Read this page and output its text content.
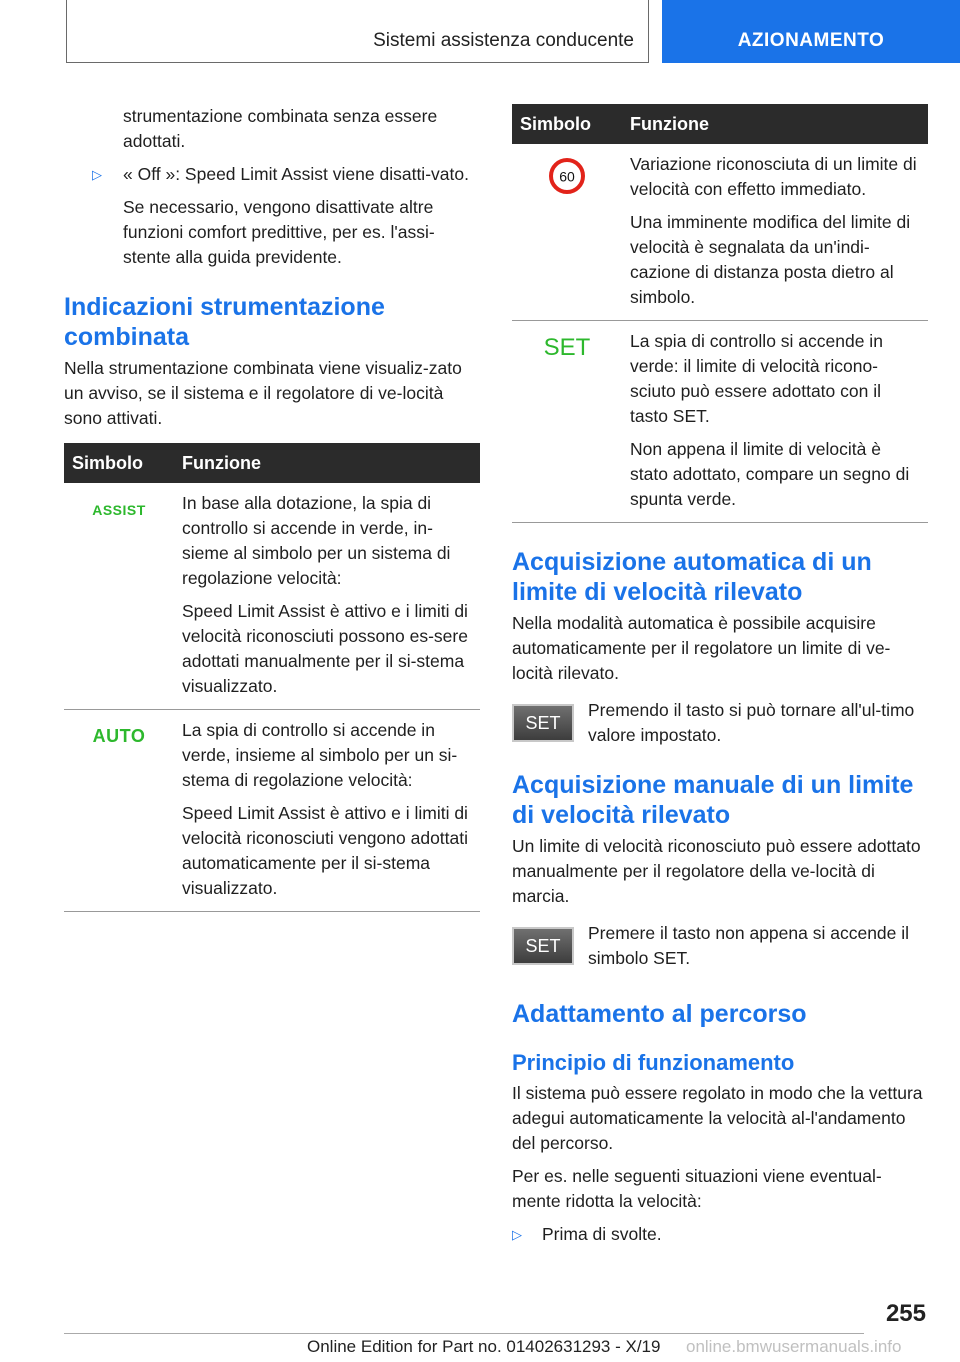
Sistemi assistenza conducente	AZIONAMENTO

strumentazione combinata senza essere adottati.

▷ « Off »: Speed Limit Assist viene disatti-vato.

Se necessario, vengono disattivate altre funzioni comfort predittive, per es. l'assi-stente alla guida previdente.

Indicazioni strumentazione combinata

Nella strumentazione combinata viene visualiz-zato un avviso, se il sistema e il regolatore di ve-locità sono attivati.

Simbolo	Funzione
ASSIST	In base alla dotazione, la spia di controllo si accende in verde, in-sieme al simbolo per un sistema di regolazione velocità:

Speed Limit Assist è attivo e i limiti di velocità riconosciuti possono es-sere adottati manualmente per il si-stema visualizzato.

AUTO	La spia di controllo si accende in verde, insieme al simbolo per un si-stema di regolazione velocità:

Speed Limit Assist è attivo e i limiti di velocità riconosciuti vengono adottati automaticamente per il si-stema visualizzato.

Simbolo	Funzione

60	Variazione riconosciuta di un limite di velocità con effetto immediato.

Una imminente modifica del limite di velocità è segnalata da un'indi-cazione di distanza posta dietro al simbolo.

SET	La spia di controllo si accende in verde: il limite di velocità ricono-sciuto può essere adottato con il tasto SET.

Non appena il limite di velocità è stato adottato, compare un segno di spunta verde.

Acquisizione automatica di un limite di velocità rilevato

Nella modalità automatica è possibile acquisire automaticamente per il regolatore un limite di ve-locità rilevato.

SET

Premendo il tasto si può tornare all'ul-timo valore impostato.

Acquisizione manuale di un limite di velocità rilevato

Un limite di velocità riconosciuto può essere adottato manualmente per il regolatore della ve-locità di marcia.

SET

Premere il tasto non appena si accende il simbolo SET.

Adattamento al percorso
Principio di funzionamento

Il sistema può essere regolato in modo che la vettura adegui automaticamente la velocità al-l'andamento del percorso.

Per es. nelle seguenti situazioni viene eventual-mente ridotta la velocità:

▷ Prima di svolte.

255
Online Edition for Part no. 01402631293 - X/19 online.bmwusermanuals.info
